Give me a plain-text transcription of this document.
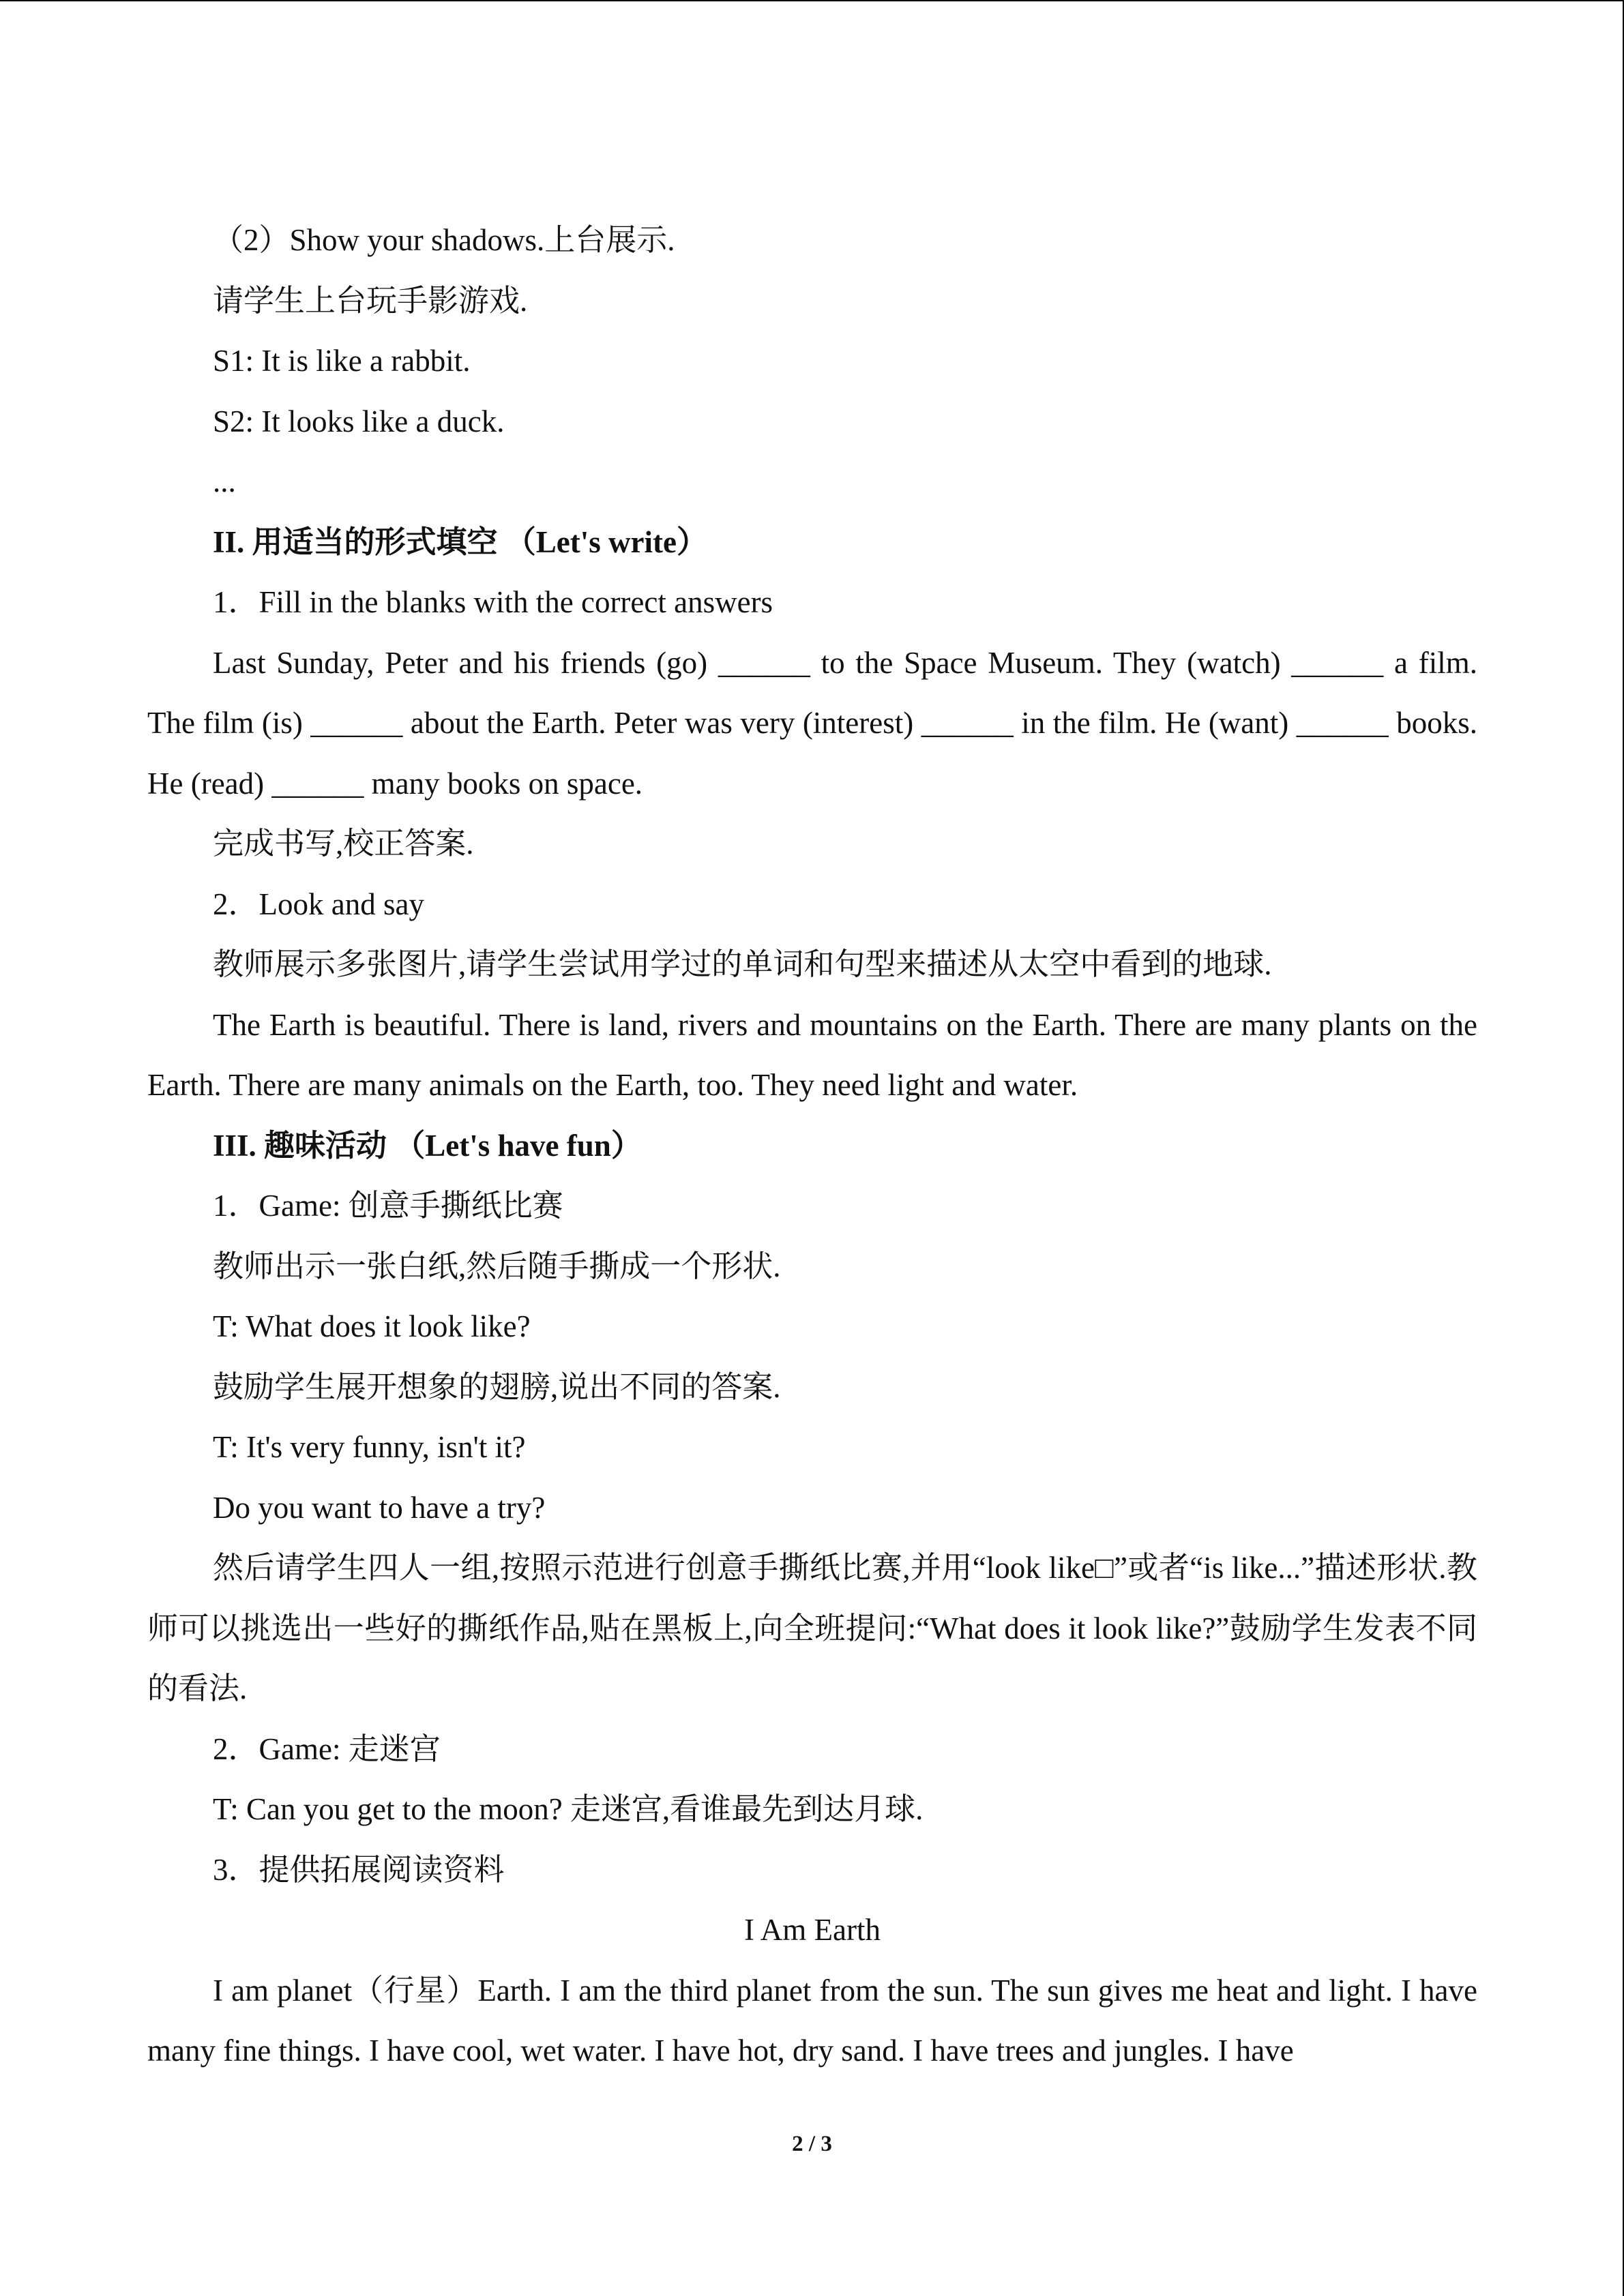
（2）Show your shadows.上台展示.
请学生上台玩手影游戏.
S1: It is like a rabbit.
S2: It looks like a duck.
...
II. 用适当的形式填空 （Let's write）
1．Fill in the blanks with the correct answers
Last Sunday, Peter and his friends (go) ______ to the Space Museum. They (watch) ______ a film. The film (is) ______ about the Earth. Peter was very (interest) ______ in the film. He (want) ______ books. He (read) ______ many books on space.
完成书写,校正答案.
2．Look and say
教师展示多张图片,请学生尝试用学过的单词和句型来描述从太空中看到的地球.
The Earth is beautiful. There is land, rivers and mountains on the Earth. There are many plants on the Earth. There are many animals on the Earth, too. They need light and water.
III. 趣味活动 （Let's have fun）
1．Game: 创意手撕纸比赛
教师出示一张白纸,然后随手撕成一个形状.
T: What does it look like?
鼓励学生展开想象的翅膀,说出不同的答案.
T: It's very funny, isn't it?
Do you want to have a try?
然后请学生四人一组,按照示范进行创意手撕纸比赛,并用“look like□”或者“is like...”描述形状.教师可以挑选出一些好的撕纸作品,贴在黑板上,向全班提问:“What does it look like?”鼓励学生发表不同的看法.
2．Game: 走迷宫
T: Can you get to the moon? 走迷宫,看谁最先到达月球.
3．提供拓展阅读资料
I Am Earth
I am planet（行星）Earth. I am the third planet from the sun. The sun gives me heat and light. I have many fine things. I have cool, wet water. I have hot, dry sand. I have trees and jungles. I have
2 / 3
